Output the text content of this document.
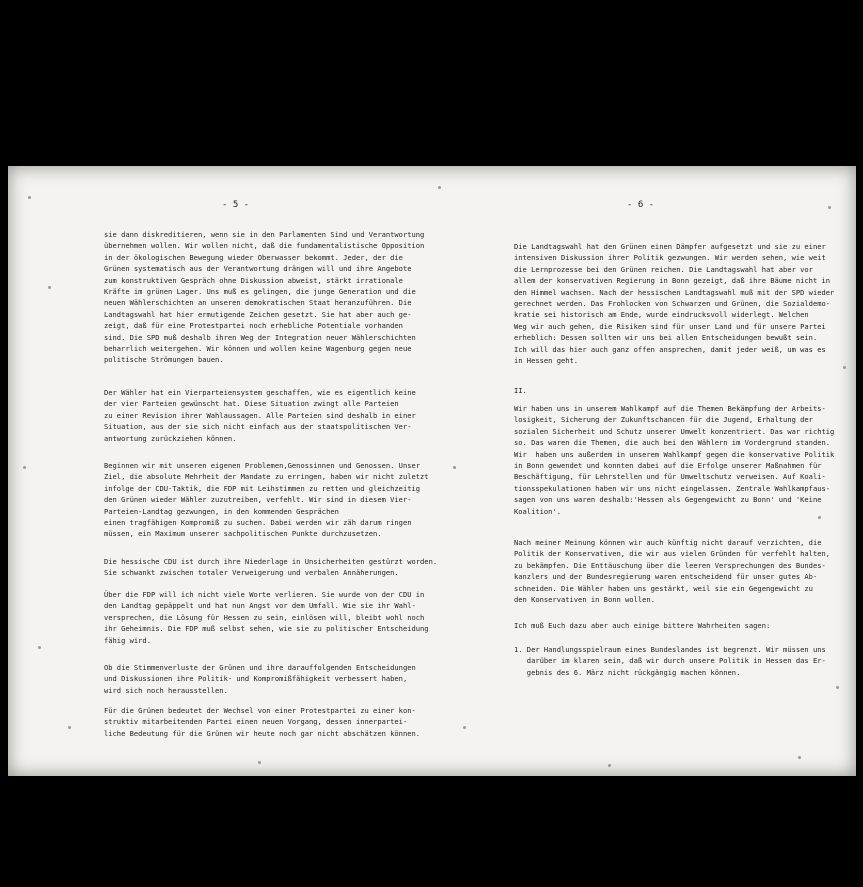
- 5 -
sie dann diskreditieren, wenn sie in den Parlamenten Sind und Verantwortung
übernehmen wollen. Wir wollen nicht, daß die fundamentalistische Opposition
in der ökologischen Bewegung wieder Oberwasser bekommt. Jeder, der die
Grünen systematisch aus der Verantwortung drängen will und ihre Angebote
zum konstruktiven Gespräch ohne Diskussion abweist, stärkt irrationale
Kräfte im grünen Lager. Uns muß es gelingen, die junge Generation und die
neuen Wählerschichten an unseren demokratischen Staat heranzuführen. Die
Landtagswahl hat hier ermutigende Zeichen gesetzt. Sie hat aber auch ge-
zeigt, daß für eine Protestpartei noch erhebliche Potentiale vorhanden
sind. Die SPD muß deshalb ihren Weg der Integration neuer Wählerschichten
beharrlich weitergehen. Wir können und wollen keine Wagenburg gegen neue
politische Strömungen bauen.
Der Wähler hat ein Vierparteiensystem geschaffen, wie es eigentlich keine
der vier Parteien gewünscht hat. Diese Situation zwingt alle Parteien
zu einer Revision ihrer Wahlaussagen. Alle Parteien sind deshalb in einer
Situation, aus der sie sich nicht einfach aus der staatspolitischen Ver-
antwortung zurückziehen können.
Beginnen wir mit unseren eigenen Problemen,Genossinnen und Genossen. Unser
Ziel, die absolute Mehrheit der Mandate zu erringen, haben wir nicht zuletzt
infolge der CDU-Taktik, die FDP mit Leihstimmen zu retten und gleichzeitig
den Grünen wieder Wähler zuzutreiben, verfehlt. Wir sind in diesem Vier-
Parteien-Landtag gezwungen, in den kommenden Gesprächen
einen tragfähigen Kompromiß zu suchen. Dabei werden wir zäh darum ringen
müssen, ein Maximum unserer sachpolitischen Punkte durchzusetzen.
Die hessische CDU ist durch ihre Niederlage in Unsicherheiten gestürzt worden.
Sie schwankt zwischen totaler Verweigerung und verbalen Annäherungen.
Über die FDP will ich nicht viele Worte verlieren. Sie wurde von der CDU in
den Landtag gepäppelt und hat nun Angst vor dem Umfall. Wie sie ihr Wahl-
versprechen, die Lösung für Hessen zu sein, einlösen will, bleibt wohl noch
ihr Geheimnis. Die FDP muß selbst sehen, wie sie zu politischer Entscheidung
fähig wird.
Ob die Stimmenverluste der Grünen und ihre darauffolgenden Entscheidungen
und Diskussionen ihre Politik- und Kompromißfähigkeit verbessert haben,
wird sich noch herausstellen.
Für die Grünen bedeutet der Wechsel von einer Protestpartei zu einer kon-
struktiv mitarbeitenden Partei einen neuen Vorgang, dessen innerpartei-
liche Bedeutung für die Grünen wir heute noch gar nicht abschätzen können.
- 6 -
Die Landtagswahl hat den Grünen einen Dämpfer aufgesetzt und sie zu einer
intensiven Diskussion ihrer Politik gezwungen. Wir werden sehen, wie weit
die Lernprozesse bei den Grünen reichen. Die Landtagswahl hat aber vor
allem der konservativen Regierung in Bonn gezeigt, daß ihre Bäume nicht in
den Himmel wachsen. Nach der hessischen Landtagswahl muß mit der SPD wieder
gerechnet werden. Das Frohlocken von Schwarzen und Grünen, die Sozialdemo-
kratie sei historisch am Ende, wurde eindrucksvoll widerlegt. Welchen
Weg wir auch gehen, die Risiken sind für unser Land und für unsere Partei
erheblich: Dessen sollten wir uns bei allen Entscheidungen bewußt sein.
Ich will das hier auch ganz offen ansprechen, damit jeder weiß, um was es
in Hessen geht.
II.
Wir haben uns in unserem Wahlkampf auf die Themen Bekämpfung der Arbeits-
losigkeit, Sicherung der Zukunftschancen für die Jugend, Erhaltung der
sozialen Sicherheit und Schutz unserer Umwelt konzentriert. Das war richtig
so. Das waren die Themen, die auch bei den Wählern im Vordergrund standen.
Wir  haben uns außerdem in unserem Wahlkampf gegen die konservative Politik
in Bonn gewendet und konnten dabei auf die Erfolge unserer Maßnahmen für
Beschäftigung, für Lehrstellen und für Umweltschutz verweisen. Auf Koali-
tionsspekulationen haben wir uns nicht eingelassen. Zentrale Wahlkampfaus-
sagen von uns waren deshalb:'Hessen als Gegengewicht zu Bonn' und 'Keine
Koalition'.
Nach meiner Meinung können wir auch künftig nicht darauf verzichten, die
Politik der Konservativen, die wir aus vielen Gründen für verfehlt halten,
zu bekämpfen. Die Enttäuschung über die leeren Versprechungen des Bundes-
kanzlers und der Bundesregierung waren entscheidend für unser gutes Ab-
schneiden. Die Wähler haben uns gestärkt, weil sie ein Gegengewicht zu
den Konservativen in Bonn wollen.
Ich muß Euch dazu aber auch einige bittere Wahrheiten sagen:
1. Der Handlungsspielraum eines Bundeslandes ist begrenzt. Wir müssen uns
darüber im klaren sein, daß wir durch unsere Politik in Hessen das Er-
gebnis des 6. März nicht rückgängig machen können.
